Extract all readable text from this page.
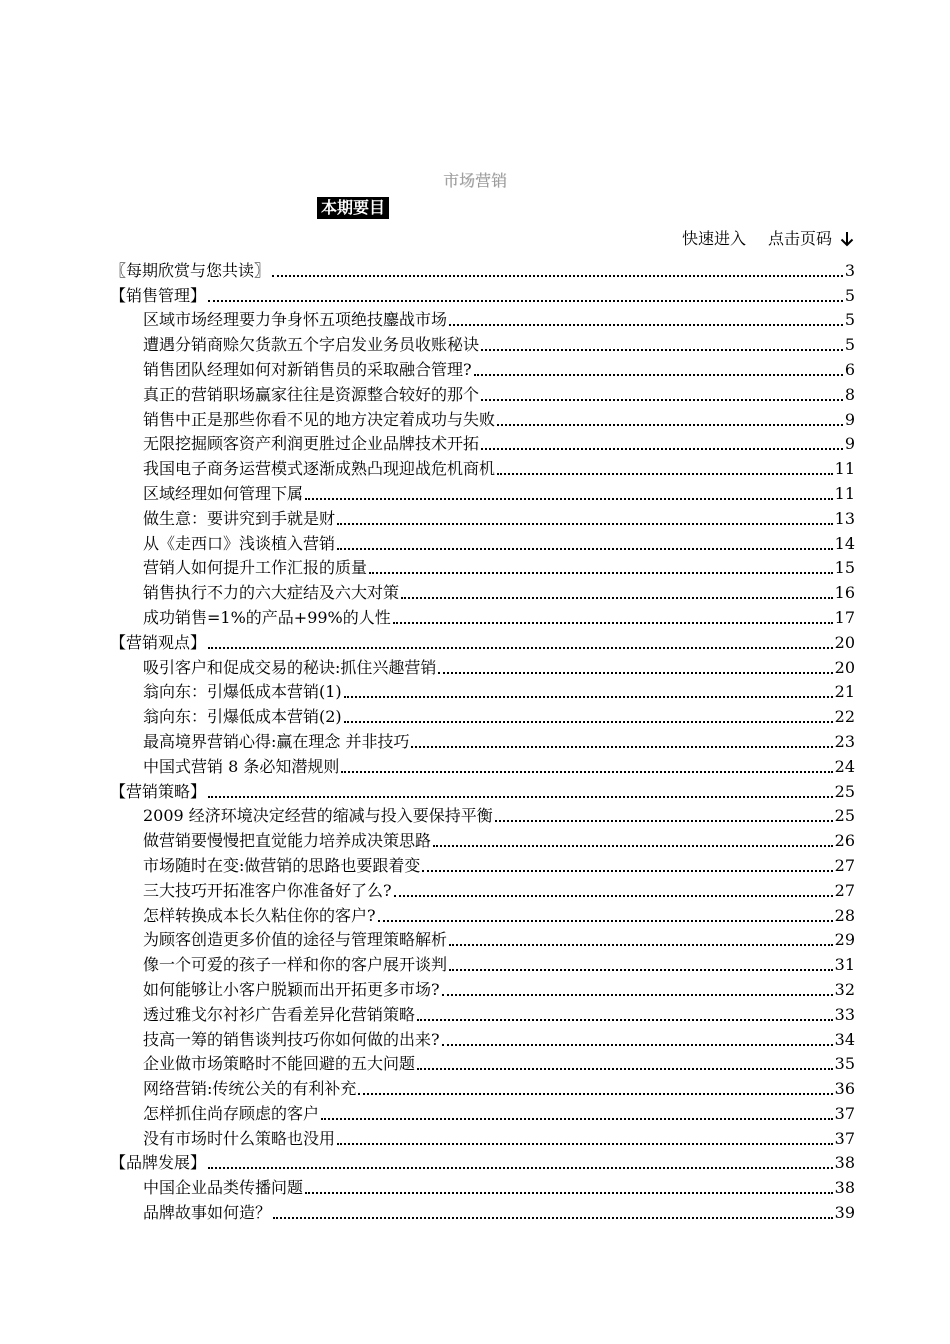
市场营销
本期要目
快速进入 点击页码
〖每期欣赏与您共读〗	3
【销售管理】	5
区域市场经理要力争身怀五项绝技鏖战市场	5
遭遇分销商赊欠货款五个字启发业务员收账秘诀	5
销售团队经理如何对新销售员的采取融合管理?	6
真正的营销职场赢家往往是资源整合较好的那个	8
销售中正是那些你看不见的地方决定着成功与失败	9
无限挖掘顾客资产利润更胜过企业品牌技术开拓	9
我国电子商务运营模式逐渐成熟凸现迎战危机商机	11
区域经理如何管理下属	11
做生意：要讲究到手就是财	13
从《走西口》浅谈植入营销	14
营销人如何提升工作汇报的质量	15
销售执行不力的六大症结及六大对策	16
成功销售=1%的产品+99%的人性	17
【营销观点】	20
吸引客户和促成交易的秘诀:抓住兴趣营销	20
翁向东：引爆低成本营销(1)	21
翁向东：引爆低成本营销(2)	22
最高境界营销心得:赢在理念 并非技巧	23
中国式营销 8 条必知潜规则	24
【营销策略】	25
2009 经济环境决定经营的缩减与投入要保持平衡	25
做营销要慢慢把直觉能力培养成决策思路	26
市场随时在变:做营销的思路也要跟着变	27
三大技巧开拓准客户你准备好了么?	27
怎样转换成本长久粘住你的客户?	28
为顾客创造更多价值的途径与管理策略解析	29
像一个可爱的孩子一样和你的客户展开谈判	31
如何能够让小客户脱颖而出开拓更多市场?	32
透过雅戈尔衬衫广告看差异化营销策略	33
技高一筹的销售谈判技巧你如何做的出来?	34
企业做市场策略时不能回避的五大问题	35
网络营销:传统公关的有利补充	36
怎样抓住尚存顾虑的客户	37
没有市场时什么策略也没用	37
【品牌发展】	38
中国企业品类传播问题	38
品牌故事如何造？	39
